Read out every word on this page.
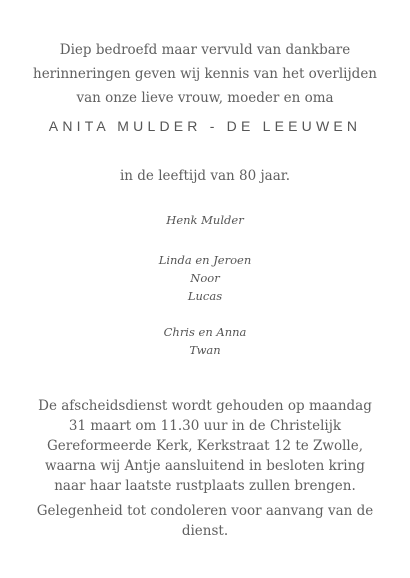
Diep bedroefd maar vervuld van dankbare
herinneringen geven wij kennis van het overlijden
van onze lieve vrouw, moeder en oma
ANITA MULDER - DE LEEUWEN
in de leeftijd van 80 jaar.
Henk Mulder
Linda en Jeroen
Noor
Lucas
Chris en Anna
Twan
De afscheidsdienst wordt gehouden op maandag
31 maart om 11.30 uur in de Christelijk
Gereformeerde Kerk, Kerkstraat 12 te Zwolle,
waarna wij Antje aansluitend in besloten kring
naar haar laatste rustplaats zullen brengen.
Gelegenheid tot condoleren voor aanvang van de
dienst.
